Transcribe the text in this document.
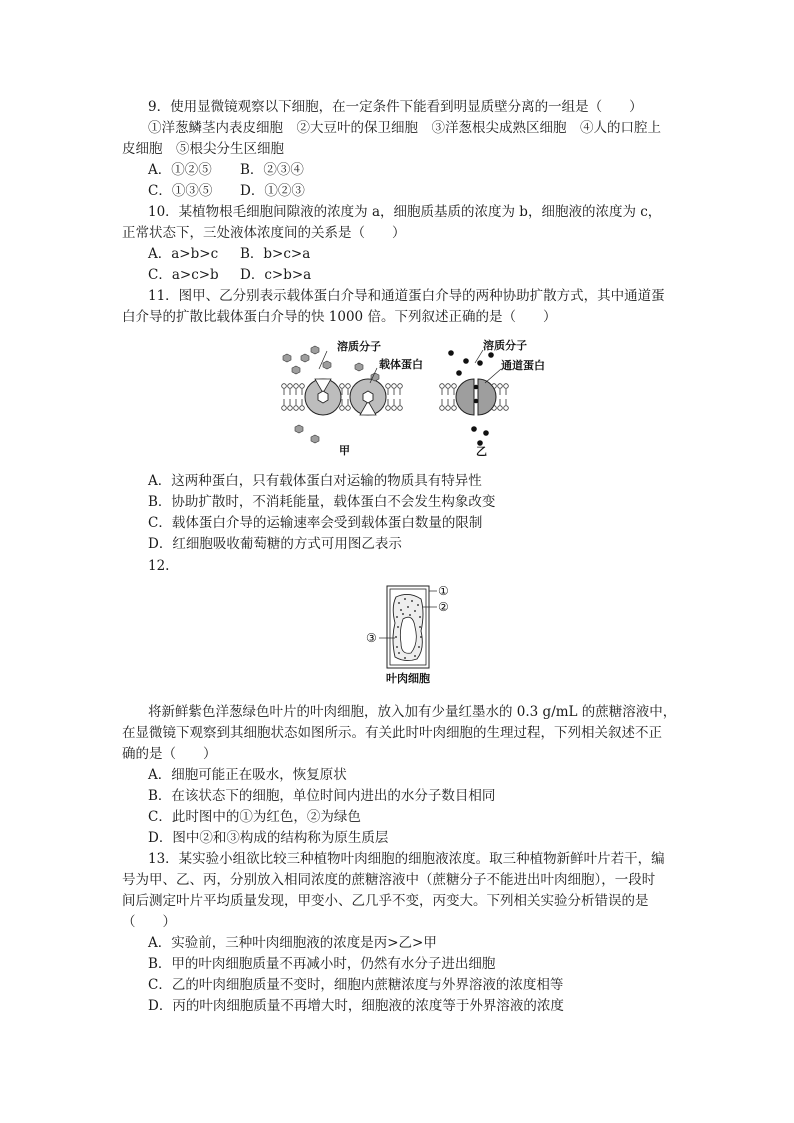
9．使用显微镜观察以下细胞，在一定条件下能看到明显质壁分离的一组是（　　）
①洋葱鳞茎内表皮细胞　②大豆叶的保卫细胞　③洋葱根尖成熟区细胞　④人的口腔上
皮细胞　⑤根尖分生区细胞
A．①②⑤ B．②③④
C．①③⑤ D．①②③
10．某植物根毛细胞间隙液的浓度为 a，细胞质基质的浓度为 b，细胞液的浓度为 c，
正常状态下，三处液体浓度间的关系是（　　）
A．a>b>c B．b>c>a
C．a>c>b D．c>b>a
11．图甲、乙分别表示载体蛋白介导和通道蛋白介导的两种协助扩散方式，其中通道蛋
白介导的扩散比载体蛋白介导的快 1000 倍。下列叙述正确的是（　　）
溶质分子
载体蛋白
甲
溶质分子
通道蛋白
乙
A．这两种蛋白，只有载体蛋白对运输的物质具有特异性
B．协助扩散时，不消耗能量，载体蛋白不会发生构象改变
C．载体蛋白介导的运输速率会受到载体蛋白数量的限制
D．红细胞吸收葡萄糖的方式可用图乙表示
12.
①
②
③
叶肉细胞
将新鲜紫色洋葱绿色叶片的叶肉细胞，放入加有少量红墨水的 0.3 g/mL 的蔗糖溶液中，
在显微镜下观察到其细胞状态如图所示。有关此时叶肉细胞的生理过程，下列相关叙述不正
确的是（　　）
A．细胞可能正在吸水，恢复原状
B．在该状态下的细胞，单位时间内进出的水分子数目相同
C．此时图中的①为红色，②为绿色
D．图中②和③构成的结构称为原生质层
13．某实验小组欲比较三种植物叶肉细胞的细胞液浓度。取三种植物新鲜叶片若干，编
号为甲、乙、丙，分别放入相同浓度的蔗糖溶液中（蔗糖分子不能进出叶肉细胞），一段时
间后测定叶片平均质量发现，甲变小、乙几乎不变，丙变大。下列相关实验分析错误的是
（　　）
A．实验前，三种叶肉细胞液的浓度是丙>乙>甲
B．甲的叶肉细胞质量不再减小时，仍然有水分子进出细胞
C．乙的叶肉细胞质量不变时，细胞内蔗糖浓度与外界溶液的浓度相等
D．丙的叶肉细胞质量不再增大时，细胞液的浓度等于外界溶液的浓度
